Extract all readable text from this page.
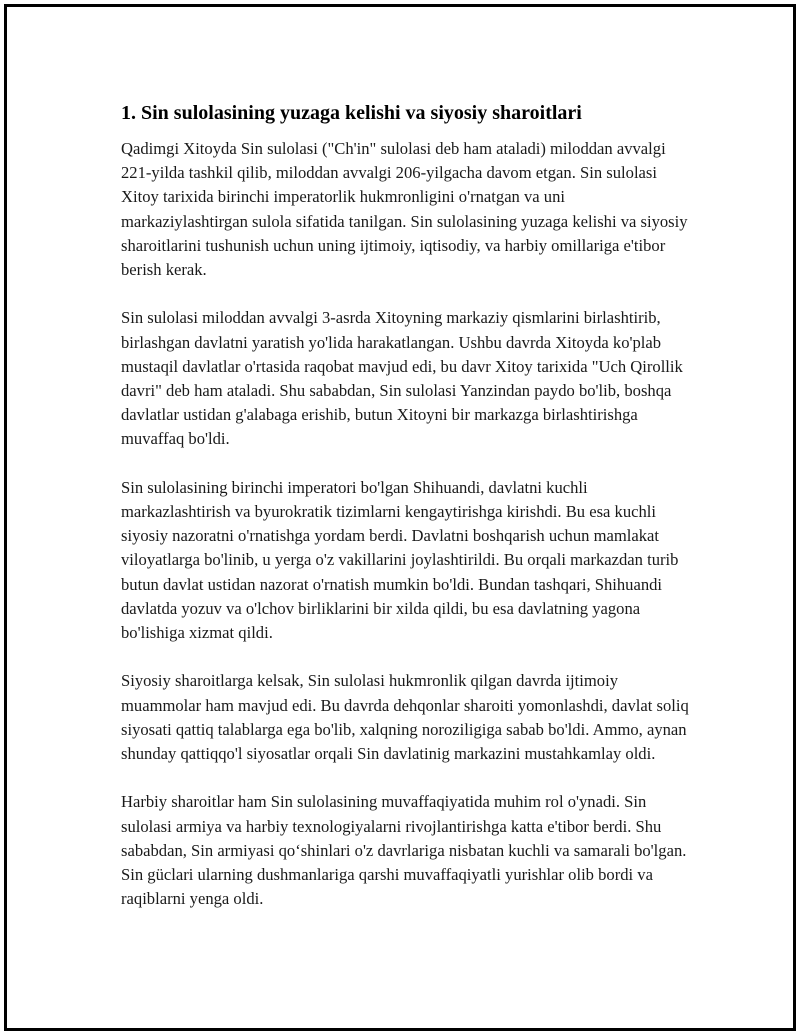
1. Sin sulolasining yuzaga kelishi va siyosiy sharoitlari

Qadimgi Xitoyda Sin sulolasi ("Ch'in" sulolasi deb ham ataladi) miloddan avvalgi 221-yilda tashkil qilib, miloddan avvalgi 206-yilgacha davom etgan. Sin sulolasi Xitoy tarixida birinchi imperatorlik hukmronligini o'rnatgan va uni markaziylashtirgan sulola sifatida tanilgan. Sin sulolasining yuzaga kelishi va siyosiy sharoitlarini tushunish uchun uning ijtimoiy, iqtisodiy, va harbiy omillariga e'tibor berish kerak.

Sin sulolasi miloddan avvalgi 3-asrda Xitoyning markaziy qismlarini birlashtirib, birlashgan davlatni yaratish yo'lida harakatlangan. Ushbu davrda Xitoyda ko'plab mustaqil davlatlar o'rtasida raqobat mavjud edi, bu davr Xitoy tarixida "Uch Qirollik davri" deb ham ataladi. Shu sababdan, Sin sulolasi Yanzindan paydo bo'lib, boshqa davlatlar ustidan g'alabaga erishib, butun Xitoyni bir markazga birlashtirishga muvaffaq bo'ldi.

Sin sulolasining birinchi imperatori bo'lgan Shihuandi, davlatni kuchli markazlashtirish va byurokratik tizimlarni kengaytirishga kirishdi. Bu esa kuchli siyosiy nazoratni o'rnatishga yordam berdi. Davlatni boshqarish uchun mamlakat viloyatlarga bo'linib, u yerga o'z vakillarini joylashtirildi. Bu orqali markazdan turib butun davlat ustidan nazorat o'rnatish mumkin bo'ldi. Bundan tashqari, Shihuandi davlatda yozuv va o'lchov birliklarini bir xilda qildi, bu esa davlatning yagona bo'lishiga xizmat qildi.

Siyosiy sharoitlarga kelsak, Sin sulolasi hukmronlik qilgan davrda ijtimoiy muammolar ham mavjud edi. Bu davrda dehqonlar sharoiti yomonlashdi, davlat soliq siyosati qattiq talablarga ega bo'lib, xalqning noroziligiga sabab bo'ldi. Ammo, aynan shunday qattiqqo'l siyosatlar orqali Sin davlatinig markazini mustahkamlay oldi.

Harbiy sharoitlar ham Sin sulolasining muvaffaqiyatida muhim rol o'ynadi. Sin sulolasi armiya va harbiy texnologiyalarni rivojlantirishga katta e'tibor berdi. Shu sababdan, Sin armiyasi qoʻshinlari o'z davrlariga nisbatan kuchli va samarali bo'lgan. Sin güclari ularning dushmanlariga qarshi muvaffaqiyatli yurishlar olib bordi va raqiblarni yenga oldi.
